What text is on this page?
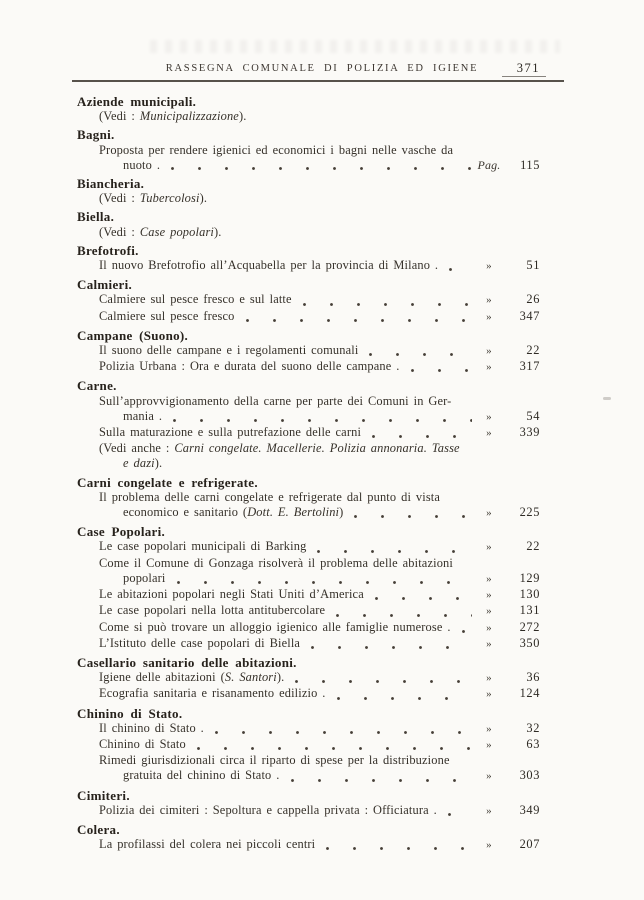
RASSEGNA COMUNALE DI POLIZIA ED IGIENE	371
Aziende municipali.
(Vedi : Municipalizzazione).
Bagni.
Proposta per rendere igienici ed economici i bagni nelle vasche da
nuoto .	Pag.	115
Biancheria.
(Vedi : Tubercolosi).
Biella.
(Vedi : Case popolari).
Brefotrofi.
Il nuovo Brefotrofio all’Acquabella per la provincia di Milano .	»	51
Calmieri.
Calmiere sul pesce fresco e sul latte	»	26
Calmiere sul pesce fresco	»	347
Campane (Suono).
Il suono delle campane e i regolamenti comunali	»	22
Polizia Urbana : Ora e durata del suono delle campane .	»	317
Carne.
Sull’approvvigionamento della carne per parte dei Comuni in Ger-
mania .	»	54
Sulla maturazione e sulla putrefazione delle carni	»	339
(Vedi anche : Carni congelate. Macellerie. Polizia annonaria. Tasse
e dazi).
Carni congelate e refrigerate.
Il problema delle carni congelate e refrigerate dal punto di vista
economico e sanitario (Dott. E. Bertolini)	»	225
Case Popolari.
Le case popolari municipali di Barking	»	22
Come il Comune di Gonzaga risolverà il problema delle abitazioni
popolari	»	129
Le abitazioni popolari negli Stati Uniti d’America	»	130
Le case popolari nella lotta antitubercolare	»	131
Come si può trovare un alloggio igienico alle famiglie numerose .	»	272
L’Istituto delle case popolari di Biella	»	350
Casellario sanitario delle abitazioni.
Igiene delle abitazioni (S. Santori).	»	36
Ecografia sanitaria e risanamento edilizio .	»	124
Chinino di Stato.
Il chinino di Stato .	»	32
Chinino di Stato	»	63
Rimedi giurisdizionali circa il riparto di spese per la distribuzione
gratuita del chinino di Stato .	»	303
Cimiteri.
Polizia dei cimiteri : Sepoltura e cappella privata : Officiatura .	»	349
Colera.
La profilassi del colera nei piccoli centri	»	207
